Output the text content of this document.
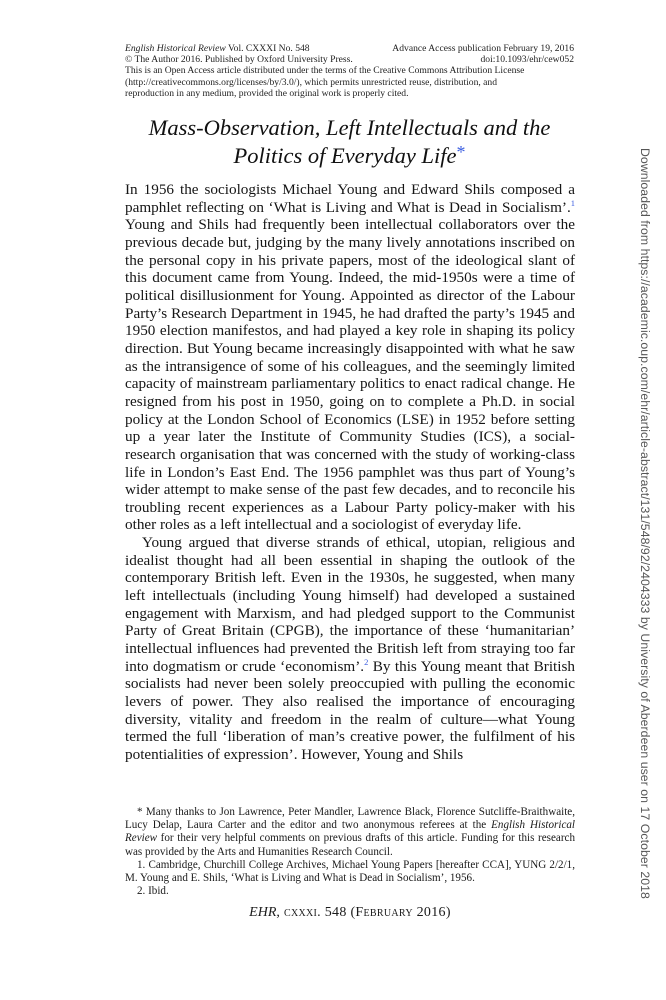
English Historical Review Vol. CXXXI No. 548	Advance Access publication February 19, 2016
© The Author 2016. Published by Oxford University Press.	doi:10.1093/ehr/cew052
This is an Open Access article distributed under the terms of the Creative Commons Attribution License
(http://creativecommons.org/licenses/by/3.0/), which permits unrestricted reuse, distribution, and
reproduction in any medium, provided the original work is properly cited.
Mass-Observation, Left Intellectuals and the
Politics of Everyday Life*

In 1956 the sociologists Michael Young and Edward Shils composed a pamphlet reflecting on ‘What is Living and What is Dead in Socialism’.$^1$ Young and Shils had frequently been intellectual collaborators over the previous decade but, judging by the many lively annotations inscribed on the personal copy in his private papers, most of the ideological slant of this document came from Young. Indeed, the mid-1950s were a time of political disillusionment for Young. Appointed as director of the Labour Party’s Research Department in 1945, he had drafted the party’s 1945 and 1950 election manifestos, and had played a key role in shaping its policy direction. But Young became increasingly disappointed with what he saw as the intransigence of some of his colleagues, and the seemingly limited capacity of mainstream parliamentary politics to enact radical change. He resigned from his post in 1950, going on to complete a Ph.D. in social policy at the London School of Economics (LSE) in 1952 before setting up a year later the Institute of Community Studies (ICS), a social-research organisation that was concerned with the study of working-class life in London’s East End. The 1956 pamphlet was thus part of Young’s wider attempt to make sense of the past few decades, and to reconcile his troubling recent experiences as a Labour Party policy-maker with his other roles as a left intellectual and a sociologist of everyday life.

Young argued that diverse strands of ethical, utopian, religious and idealist thought had all been essential in shaping the outlook of the contemporary British left. Even in the 1930s, he suggested, when many left intellectuals (including Young himself) had developed a sustained engagement with Marxism, and had pledged support to the Communist Party of Great Britain (CPGB), the importance of these ‘humanitarian’ intellectual influences had prevented the British left from straying too far into dogmatism or crude ‘economism’.$^2$ By this Young meant that British socialists had never been solely preoccupied with pulling the economic levers of power. They also realised the importance of encouraging diversity, vitality and freedom in the realm of culture—what Young termed the full ‘liberation of man’s creative power, the fulfilment of his potentialities of expression’. However, Young and Shils

* Many thanks to Jon Lawrence, Peter Mandler, Lawrence Black, Florence Sutcliffe-Braithwaite, Lucy Delap, Laura Carter and the editor and two anonymous referees at the English Historical Review for their very helpful comments on previous drafts of this article. Funding for this research was provided by the Arts and Humanities Research Council.

1. Cambridge, Churchill College Archives, Michael Young Papers [hereafter CCA], YUNG 2/2/1, M. Young and E. Shils, ‘What is Living and What is Dead in Socialism’, 1956.

2. Ibid.

EHR, cxxxi. 548 (February 2016)
Downloaded from https://academic.oup.com/ehr/article-abstract/131/548/92/2404333 by University of Aberdeen user on 17 October 2018
